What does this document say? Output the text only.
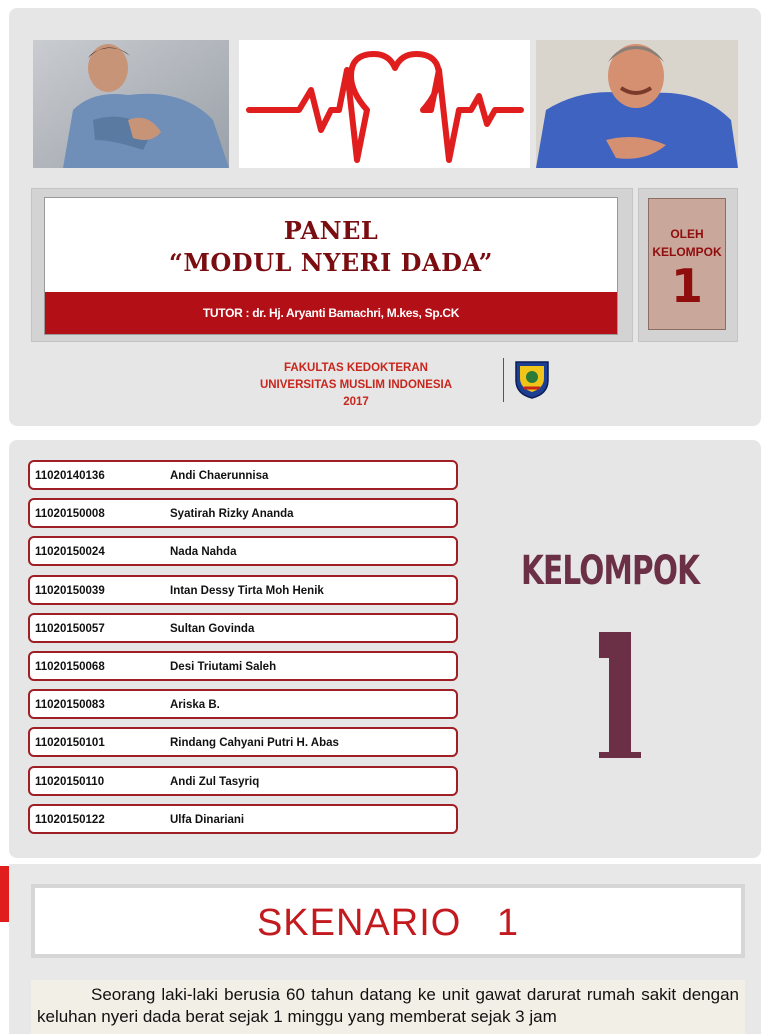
PANEL
“MODUL NYERI DADA”
TUTOR : dr. Hj. Aryanti Bamachri, M.kes, Sp.CK
OLEH
KELOMPOK
1
FAKULTAS KEDOKTERAN
UNIVERSITAS MUSLIM INDONESIA
2017
11020140136	Andi Chaerunnisa
11020150008	Syatirah Rizky Ananda
11020150024	Nada Nahda
11020150039	Intan Dessy Tirta Moh Henik
11020150057	Sultan Govinda
11020150068	Desi Triutami Saleh
11020150083	Ariska B.
11020150101	Rindang Cahyani Putri H. Abas
11020150110	Andi Zul Tasyriq
11020150122	Ulfa Dinariani
KELOMPOK
SKENARIO 1
Seorang laki-laki berusia 60 tahun datang ke unit gawat darurat rumah sakit dengan keluhan nyeri dada berat sejak 1 minggu yang memberat sejak 3 jam
